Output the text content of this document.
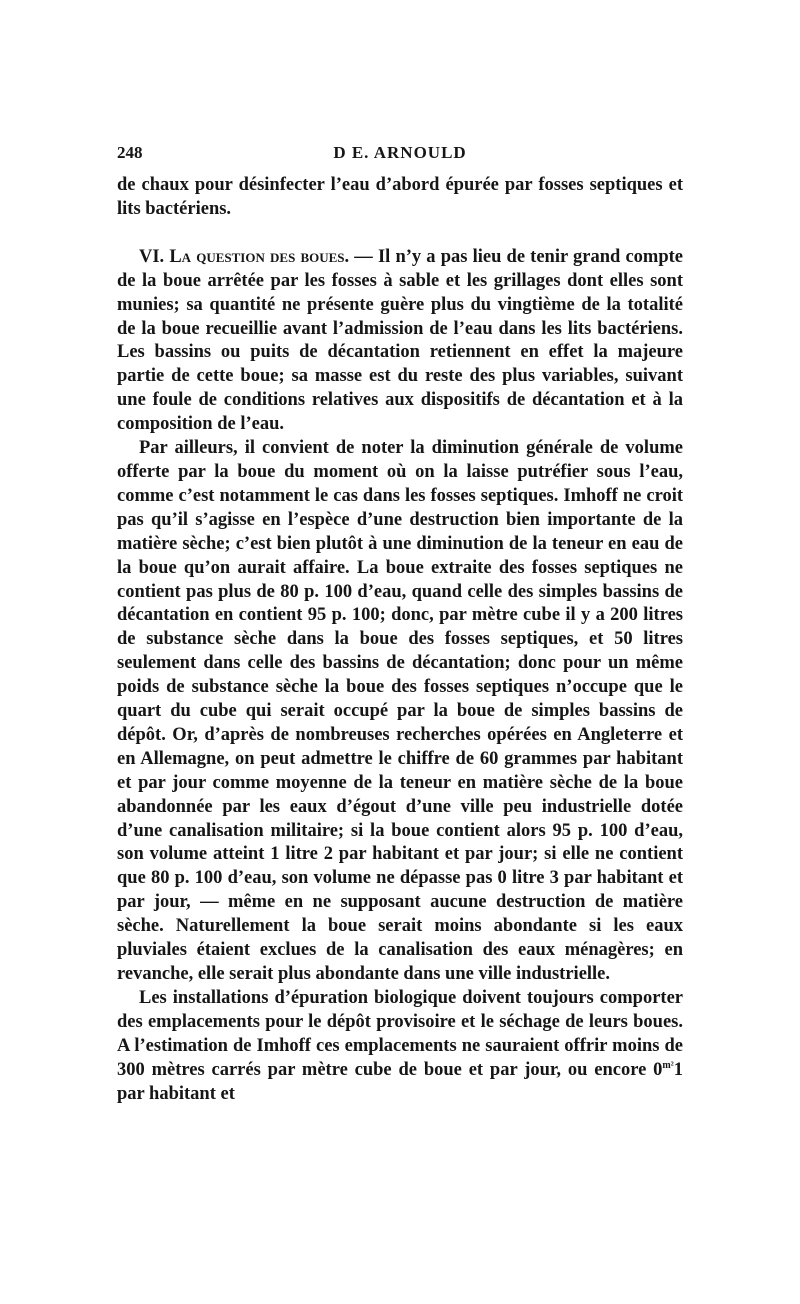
248	D E. ARNOULD

de chaux pour désinfecter l’eau d’abord épurée par fosses septiques et lits bactériens.

VI. La question des boues. — Il n’y a pas lieu de tenir grand compte de la boue arrêtée par les fosses à sable et les grillages dont elles sont munies; sa quantité ne présente guère plus du vingtième de la totalité de la boue recueillie avant l’admission de l’eau dans les lits bactériens. Les bassins ou puits de décantation retiennent en effet la majeure partie de cette boue; sa masse est du reste des plus variables, suivant une foule de conditions relatives aux dispositifs de décantation et à la composition de l’eau.

Par ailleurs, il convient de noter la diminution générale de volume offerte par la boue du moment où on la laisse putréfier sous l’eau, comme c’est notamment le cas dans les fosses septiques. Imhoff ne croit pas qu’il s’agisse en l’espèce d’une destruction bien importante de la matière sèche; c’est bien plutôt à une diminution de la teneur en eau de la boue qu’on aurait affaire. La boue extraite des fosses septiques ne contient pas plus de 80 p. 100 d’eau, quand celle des simples bassins de décantation en contient 95 p. 100; donc, par mètre cube il y a 200 litres de substance sèche dans la boue des fosses septiques, et 50 litres seulement dans celle des bassins de décantation; donc pour un même poids de substance sèche la boue des fosses septiques n’occupe que le quart du cube qui serait occupé par la boue de simples bassins de dépôt. Or, d’après de nombreuses recherches opérées en Angleterre et en Allemagne, on peut admettre le chiffre de 60 grammes par habitant et par jour comme moyenne de la teneur en matière sèche de la boue abandonnée par les eaux d’égout d’une ville peu industrielle dotée d’une canalisation militaire; si la boue contient alors 95 p. 100 d’eau, son volume atteint 1 litre 2 par habitant et par jour; si elle ne contient que 80 p. 100 d’eau, son volume ne dépasse pas 0 litre 3 par habitant et par jour, — même en ne supposant aucune destruction de matière sèche. Naturellement la boue serait moins abondante si les eaux pluviales étaient exclues de la canalisation des eaux ménagères; en revanche, elle serait plus abondante dans une ville industrielle.

Les installations d’épuration biologique doivent toujours comporter des emplacements pour le dépôt provisoire et le séchage de leurs boues. A l’estimation de Imhoff ces emplacements ne sauraient offrir moins de 300 mètres carrés par mètre cube de boue et par jour, ou encore $0^{m^2}1$ par habitant et
